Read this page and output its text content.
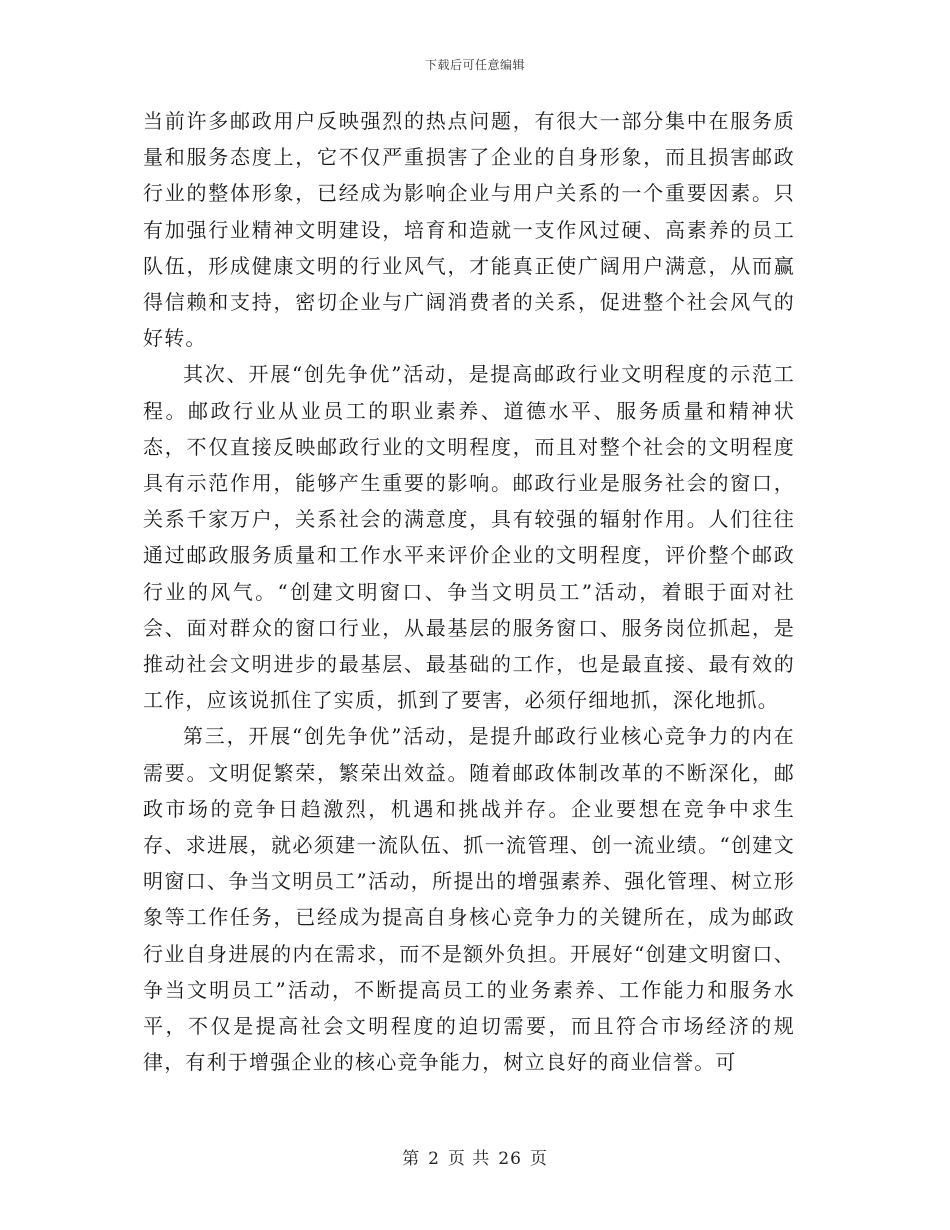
下载后可任意编辑

当前许多邮政用户反映强烈的热点问题，有很大一部分集中在服务质量和服务态度上，它不仅严重损害了企业的自身形象，而且损害邮政行业的整体形象，已经成为影响企业与用户关系的一个重要因素。只有加强行业精神文明建设，培育和造就一支作风过硬、高素养的员工队伍，形成健康文明的行业风气，才能真正使广阔用户满意，从而赢得信赖和支持，密切企业与广阔消费者的关系，促进整个社会风气的好转。

其次、开展“创先争优”活动，是提高邮政行业文明程度的示范工程。邮政行业从业员工的职业素养、道德水平、服务质量和精神状态，不仅直接反映邮政行业的文明程度，而且对整个社会的文明程度具有示范作用，能够产生重要的影响。邮政行业是服务社会的窗口，关系千家万户，关系社会的满意度，具有较强的辐射作用。人们往往通过邮政服务质量和工作水平来评价企业的文明程度，评价整个邮政行业的风气。“创建文明窗口、争当文明员工”活动，着眼于面对社会、面对群众的窗口行业，从最基层的服务窗口、服务岗位抓起，是推动社会文明进步的最基层、最基础的工作，也是最直接、最有效的工作，应该说抓住了实质，抓到了要害，必须仔细地抓，深化地抓。

第三，开展“创先争优”活动，是提升邮政行业核心竞争力的内在需要。文明促繁荣，繁荣出效益。随着邮政体制改革的不断深化，邮政市场的竞争日趋激烈，机遇和挑战并存。企业要想在竞争中求生存、求进展，就必须建一流队伍、抓一流管理、创一流业绩。“创建文明窗口、争当文明员工”活动，所提出的增强素养、强化管理、树立形象等工作任务，已经成为提高自身核心竞争力的关键所在，成为邮政行业自身进展的内在需求，而不是额外负担。开展好“创建文明窗口、争当文明员工”活动，不断提高员工的业务素养、工作能力和服务水平，不仅是提高社会文明程度的迫切需要，而且符合市场经济的规律，有利于增强企业的核心竞争能力，树立良好的商业信誉。可

第 2 页 共 26 页
